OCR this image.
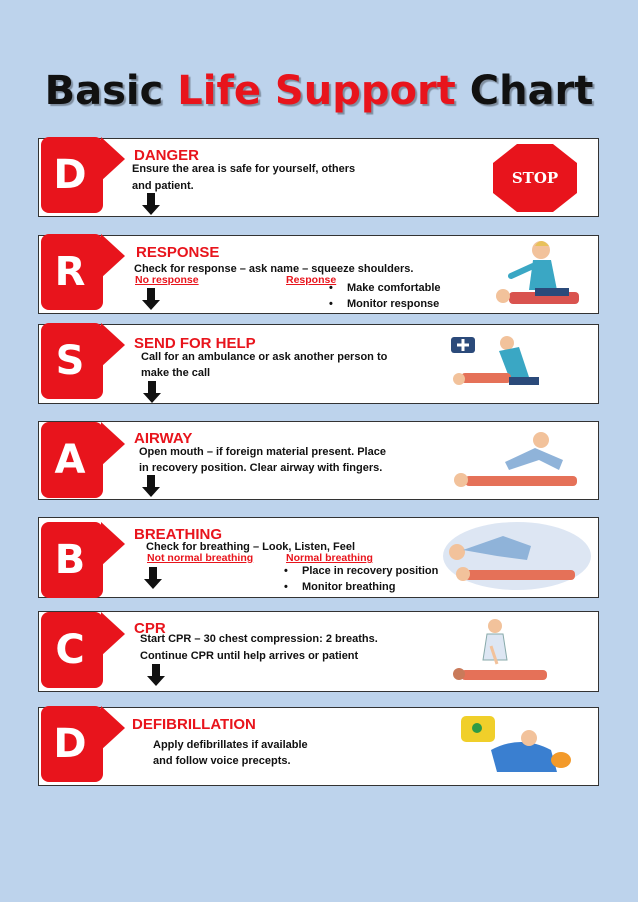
Basic Life Support Chart
D	DANGER
Ensure the area is safe for yourself, others
and patient.	STOP
R	RESPONSE
Check for response – ask name – squeeze shoulders.
No response	Response
• Make comfortable
• Monitor response
S	SEND FOR HELP
Call for an ambulance or ask another person to
make the call
A	AIRWAY
Open mouth – if foreign material present. Place
in recovery position. Clear airway with fingers.
B
BREATHING
Check for breathing – Look, Listen, Feel
Not normal breathing	Normal breathing
• Place in recovery position
• Monitor breathing
C	CPR
Start CPR – 30 chest compression: 2 breaths.
Continue CPR until help arrives or patient
D	DEFIBRILLATION
Apply defibrillates if available
and follow voice precepts.
